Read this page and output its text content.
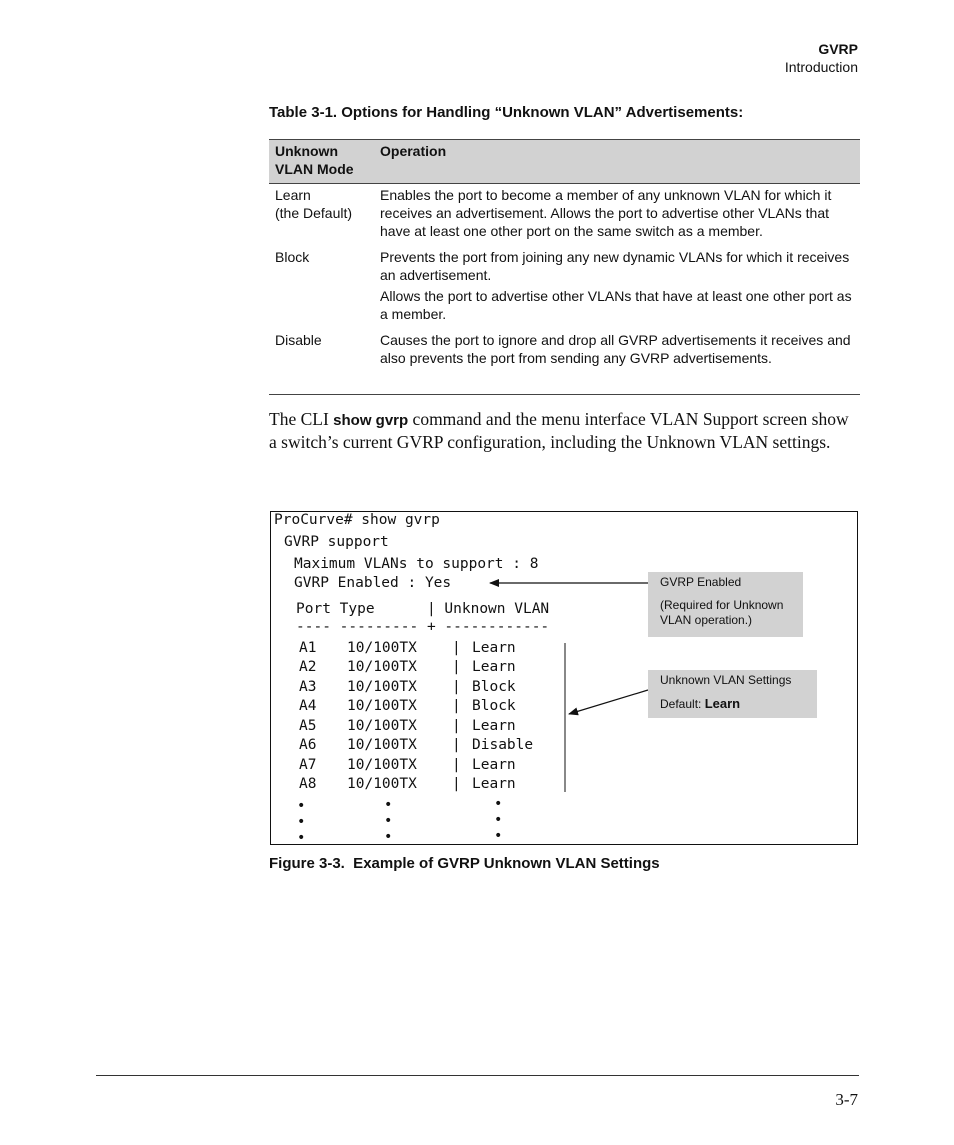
GVRP
Introduction
Table 3-1. Options for Handling “Unknown VLAN” Advertisements:
Unknown VLAN Mode
Operation
Learn
(the Default)

Enables the port to become a member of any unknown VLAN for which it receives an advertisement. Allows the port to advertise other VLANs that have at least one other port on the same switch as a member.

Block	Prevents the port from joining any new dynamic VLANs for which it receives an advertisement.

Allows the port to advertise other VLANs that have at least one other port as a member.

Disable	Causes the port to ignore and drop all GVRP advertisements it receives and also prevents the port from sending any GVRP advertisements.

The CLI show gvrp command and the menu interface VLAN Support screen show a switch’s current GVRP configuration, including the Unknown VLAN settings.
ProCurve# show gvrp
GVRP support
Maximum VLANs to support : 8
GVRP Enabled : Yes
Port Type      | Unknown VLAN
---- --------- + ------------
A1 10/100TX | Learn
A2 10/100TX | Learn
A3 10/100TX | Block
A4 10/100TX | Block
A5 10/100TX | Learn
A6 10/100TX | Disable
A7 10/100TX | Learn
A8 10/100TX | Learn
•
•
•
•
•
•
•
•
•

GVRP Enabled

(Required for Unknown VLAN operation.)

Unknown VLAN Settings

Default: Learn

Figure 3-3.  Example of GVRP Unknown VLAN Settings
3-7
